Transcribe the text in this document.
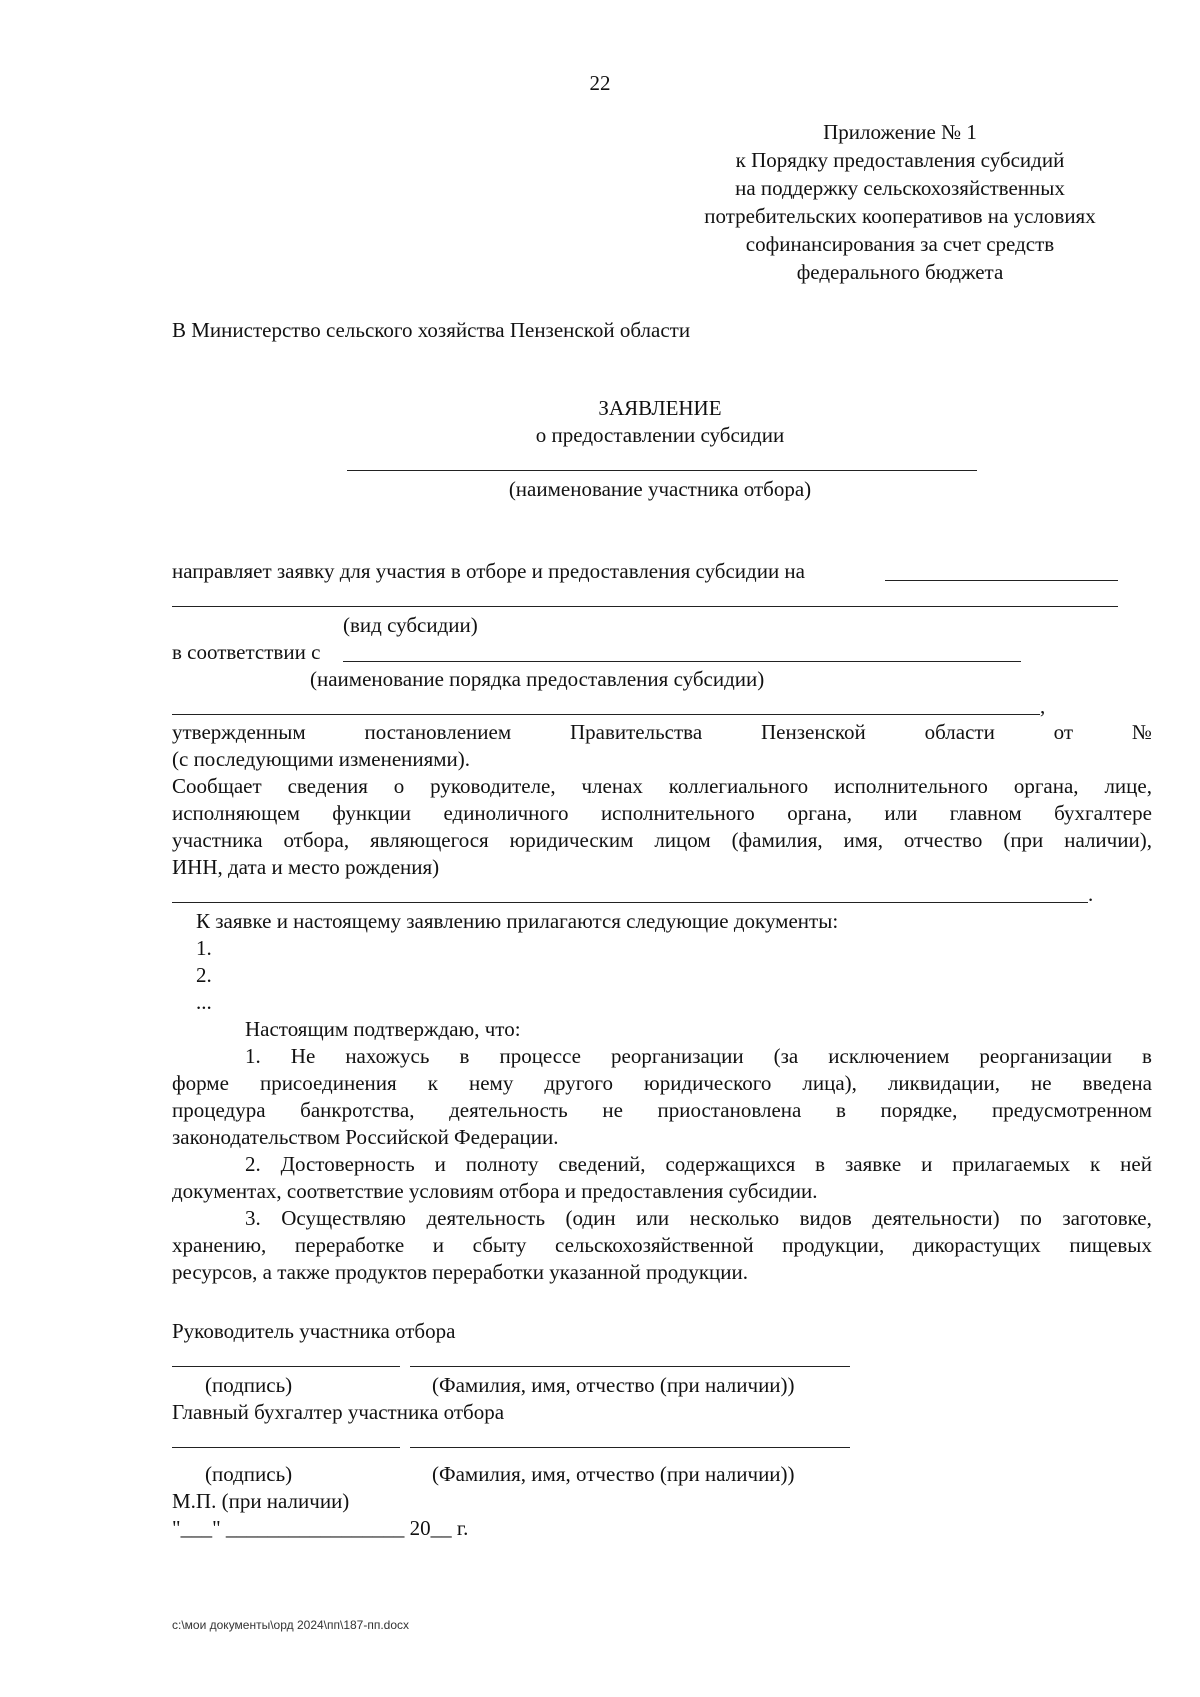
22
Приложение № 1
к Порядку предоставления субсидий
на поддержку сельскохозяйственных
потребительских кооперативов на условиях
софинансирования за счет средств
федерального бюджета
В Министерство сельского хозяйства Пензенской области
ЗАЯВЛЕНИЕ
о предоставлении субсидии
(наименование участника отбора)
направляет заявку для участия в отборе и предоставления субсидии на
(вид субсидии)
в соответствии с
(наименование порядка предоставления субсидии)
,
утвержденным	постановлением	Правительства	Пензенской	области	от	№
(с последующими изменениями).
Сообщает сведения о руководителе, членах коллегиального исполнительного органа, лице,
исполняющем функции единоличного исполнительного органа, или главном бухгалтере
участника отбора, являющегося юридическим лицом (фамилия, имя, отчество (при наличии),
ИНН, дата и место рождения)
.
К заявке и настоящему заявлению прилагаются следующие документы:
1.
2.
...
Настоящим подтверждаю, что:
1. Не нахожусь в процессе реорганизации (за исключением реорганизации в
форме присоединения к нему другого юридического лица), ликвидации, не введена
процедура банкротства, деятельность не приостановлена в порядке, предусмотренном
законодательством Российской Федерации.
2. Достоверность и полноту сведений, содержащихся в заявке и прилагаемых к ней
документах, соответствие условиям отбора и предоставления субсидии.
3. Осуществляю деятельность (один или несколько видов деятельности) по заготовке,
хранению, переработке и сбыту сельскохозяйственной продукции, дикорастущих пищевых
ресурсов, а также продуктов переработки указанной продукции.
Руководитель участника отбора
(подпись)	(Фамилия, имя, отчество (при наличии))
Главный бухгалтер участника отбора
(подпись)	(Фамилия, имя, отчество (при наличии))
М.П. (при наличии)
"___" _________________ 20__ г.
c:\мои документы\орд 2024\пп\187-пп.docx
